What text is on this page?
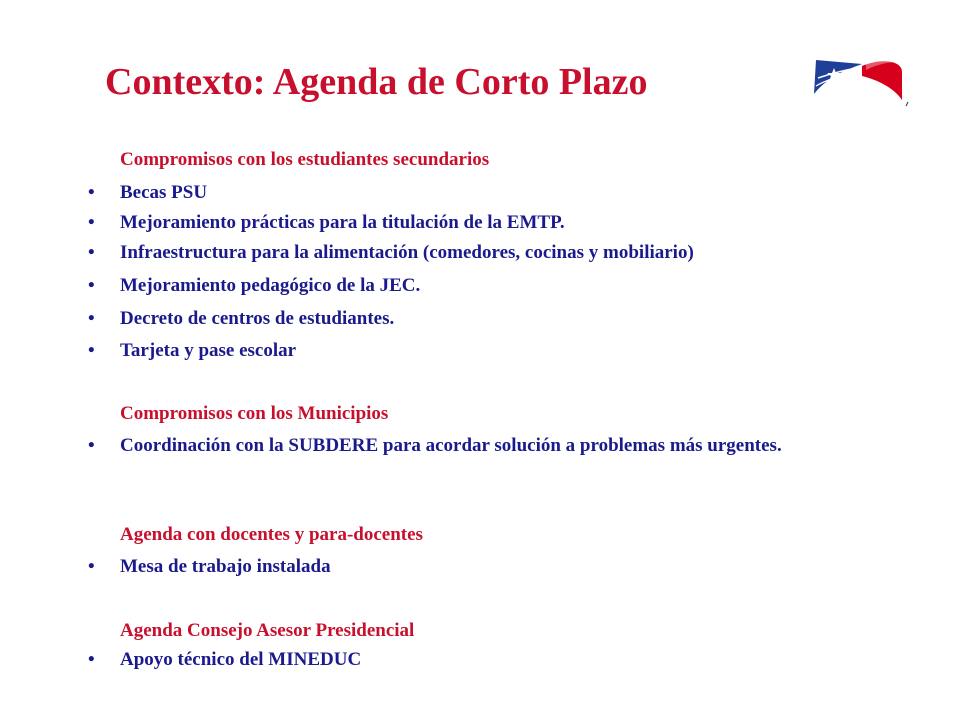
Contexto: Agenda de Corto Plazo
Compromisos con los estudiantes secundarios
• Becas PSU
• Mejoramiento prácticas para la titulación de la EMTP.
• Infraestructura para la alimentación (comedores, cocinas y mobiliario)
• Mejoramiento pedagógico de la JEC.
• Decreto de centros de estudiantes.
• Tarjeta y pase escolar
Compromisos con los Municipios
• Coordinación con la SUBDERE para acordar solución a problemas más urgentes.
Agenda con docentes y para-docentes
• Mesa de trabajo instalada
Agenda Consejo Asesor Presidencial
• Apoyo técnico del MINEDUC
